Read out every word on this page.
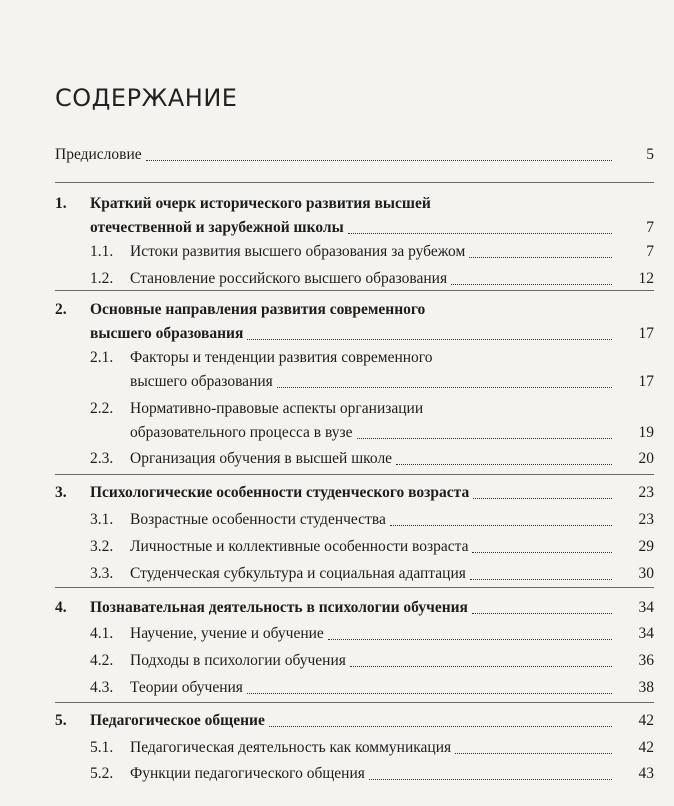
СОДЕРЖАНИЕ
Предисловие	5
1. Краткий очерк исторического развития высшей
отечественной и зарубежной школы	7
1.1. Истоки развития высшего образования за рубежом	7
1.2. Становление российского высшего образования	12
2. Основные направления развития современного
высшего образования	17
2.1. Факторы и тенденции развития современного
высшего образования	17
2.2. Нормативно-правовые аспекты организации
образовательного процесса в вузе	19
2.3. Организация обучения в высшей школе	20
3. Психологические особенности студенческого возраста	23
3.1. Возрастные особенности студенчества	23
3.2. Личностные и коллективные особенности возраста	29
3.3. Студенческая субкультура и социальная адаптация	30
4. Познавательная деятельность в психологии обучения	34
4.1. Научение, учение и обучение	34
4.2. Подходы в психологии обучения	36
4.3. Теории обучения	38
5. Педагогическое общение	42
5.1. Педагогическая деятельность как коммуникация	42
5.2. Функции педагогического общения	43
